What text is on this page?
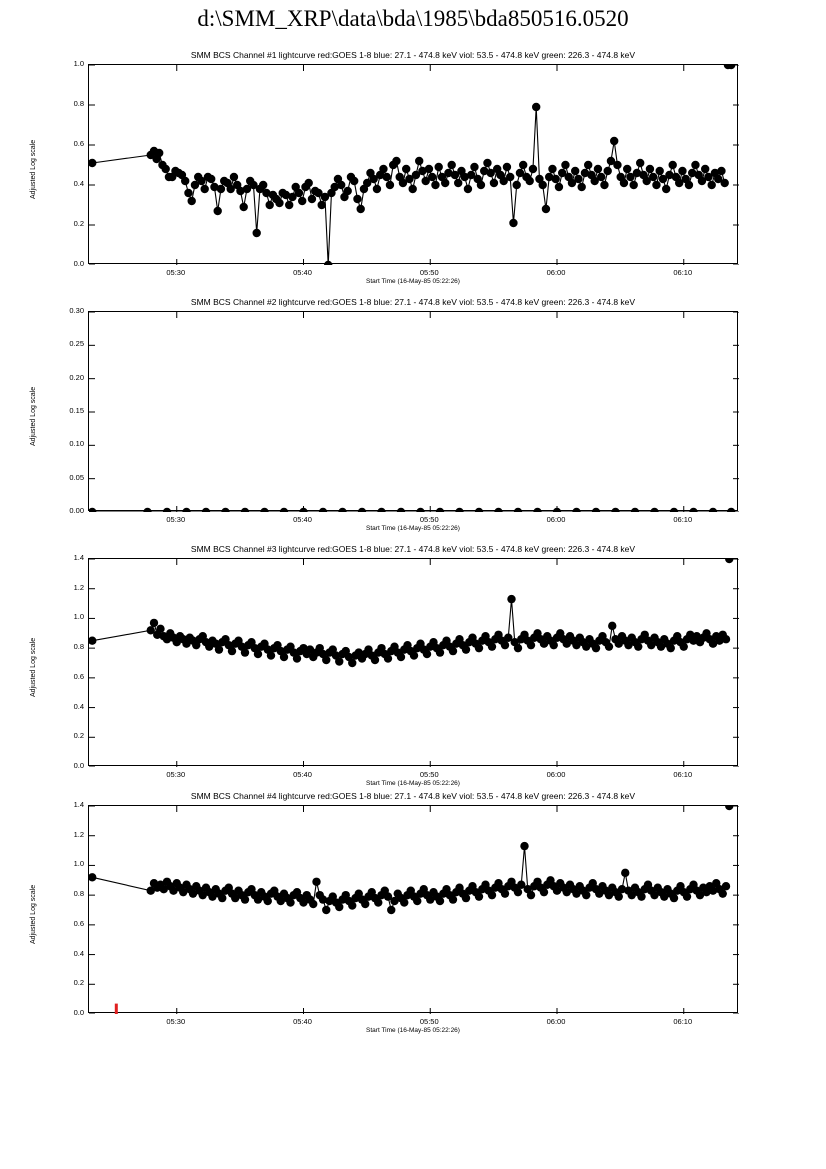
d:\SMM_XRP\data\bda\1985\bda850516.0520
SMM BCS Channel #1 lightcurve red:GOES 1-8 blue: 27.1 - 474.8 keV viol: 53.5 - 474.8 keV green: 226.3 - 474.8 keV
0.0
0.2
0.4
0.6
0.8
1.0
05:30	05:40	05:50	06:00	06:10
Adjusted Log scale
Start Time (16-May-85 05:22:26)
SMM BCS Channel #2 lightcurve red:GOES 1-8 blue: 27.1 - 474.8 keV viol: 53.5 - 474.8 keV green: 226.3 - 474.8 keV
0.00
0.05
0.10
0.15
0.20
0.25
0.30
05:30	05:40	05:50	06:00	06:10
Adjusted Log scale
Start Time (16-May-85 05:22:26)
SMM BCS Channel #3 lightcurve red:GOES 1-8 blue: 27.1 - 474.8 keV viol: 53.5 - 474.8 keV green: 226.3 - 474.8 keV
0.0
0.2
0.4
0.6
0.8
1.0
1.2
1.4
05:30	05:40	05:50	06:00	06:10
Adjusted Log scale
Start Time (16-May-85 05:22:26)
SMM BCS Channel #4 lightcurve red:GOES 1-8 blue: 27.1 - 474.8 keV viol: 53.5 - 474.8 keV green: 226.3 - 474.8 keV
0.0
0.2
0.4
0.6
0.8
1.0
1.2
1.4
05:30	05:40	05:50	06:00	06:10
Adjusted Log scale
Start Time (16-May-85 05:22:26)
